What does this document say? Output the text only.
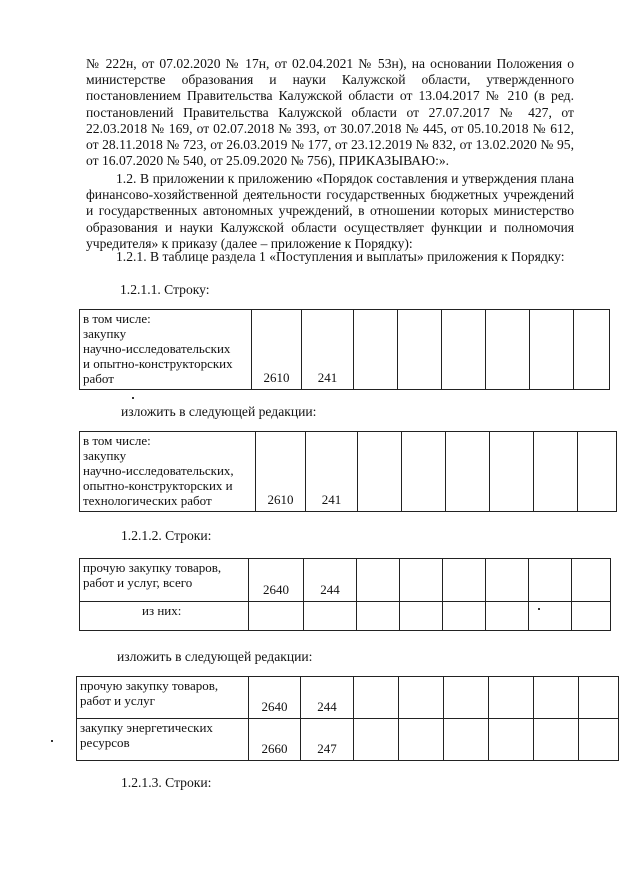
№ 222н, от 07.02.2020 № 17н, от 02.04.2021 № 53н), на основании Положения о министерстве образования и науки Калужской области, утвержденного постановлением Правительства Калужской области от 13.04.2017 № 210 (в ред. постановлений Правительства Калужской области от 27.07.2017 № 427, от 22.03.2018 № 169, от 02.07.2018 № 393, от 30.07.2018 № 445, от 05.10.2018 № 612, от 28.11.2018 № 723, от 26.03.2019 № 177, от 23.12.2019 № 832, от 13.02.2020 № 95, от 16.07.2020 № 540, от 25.09.2020 № 756), ПРИКАЗЫВАЮ:».

1.2. В приложении к приложению «Порядок составления и утверждения плана финансово-хозяйственной деятельности государственных бюджетных учреждений и государственных автономных учреждений, в отношении которых министерство образования и науки Калужской области осуществляет функции и полномочия учредителя» к приказу (далее – приложение к Порядку):

1.2.1. В таблице раздела 1 «Поступления и выплаты» приложения к Порядку:

1.2.1.1. Строку:
в том числе:
закупку
научно-исследовательских
и опытно-конструкторских
работ	2610	241						
изложить в следующей редакции:
в том числе:
закупку
научно-исследовательских,
опытно-конструкторских и
технологических работ	2610	241						
1.2.1.2. Строки:
прочую закупку товаров,
работ и услуг, всего	2640	244						

из них:								

изложить в следующей редакции:
прочую закупку товаров,
работ и услуг	2640	244						

закупку энергетических
ресурсов	2660	247						
1.2.1.3. Строки:
